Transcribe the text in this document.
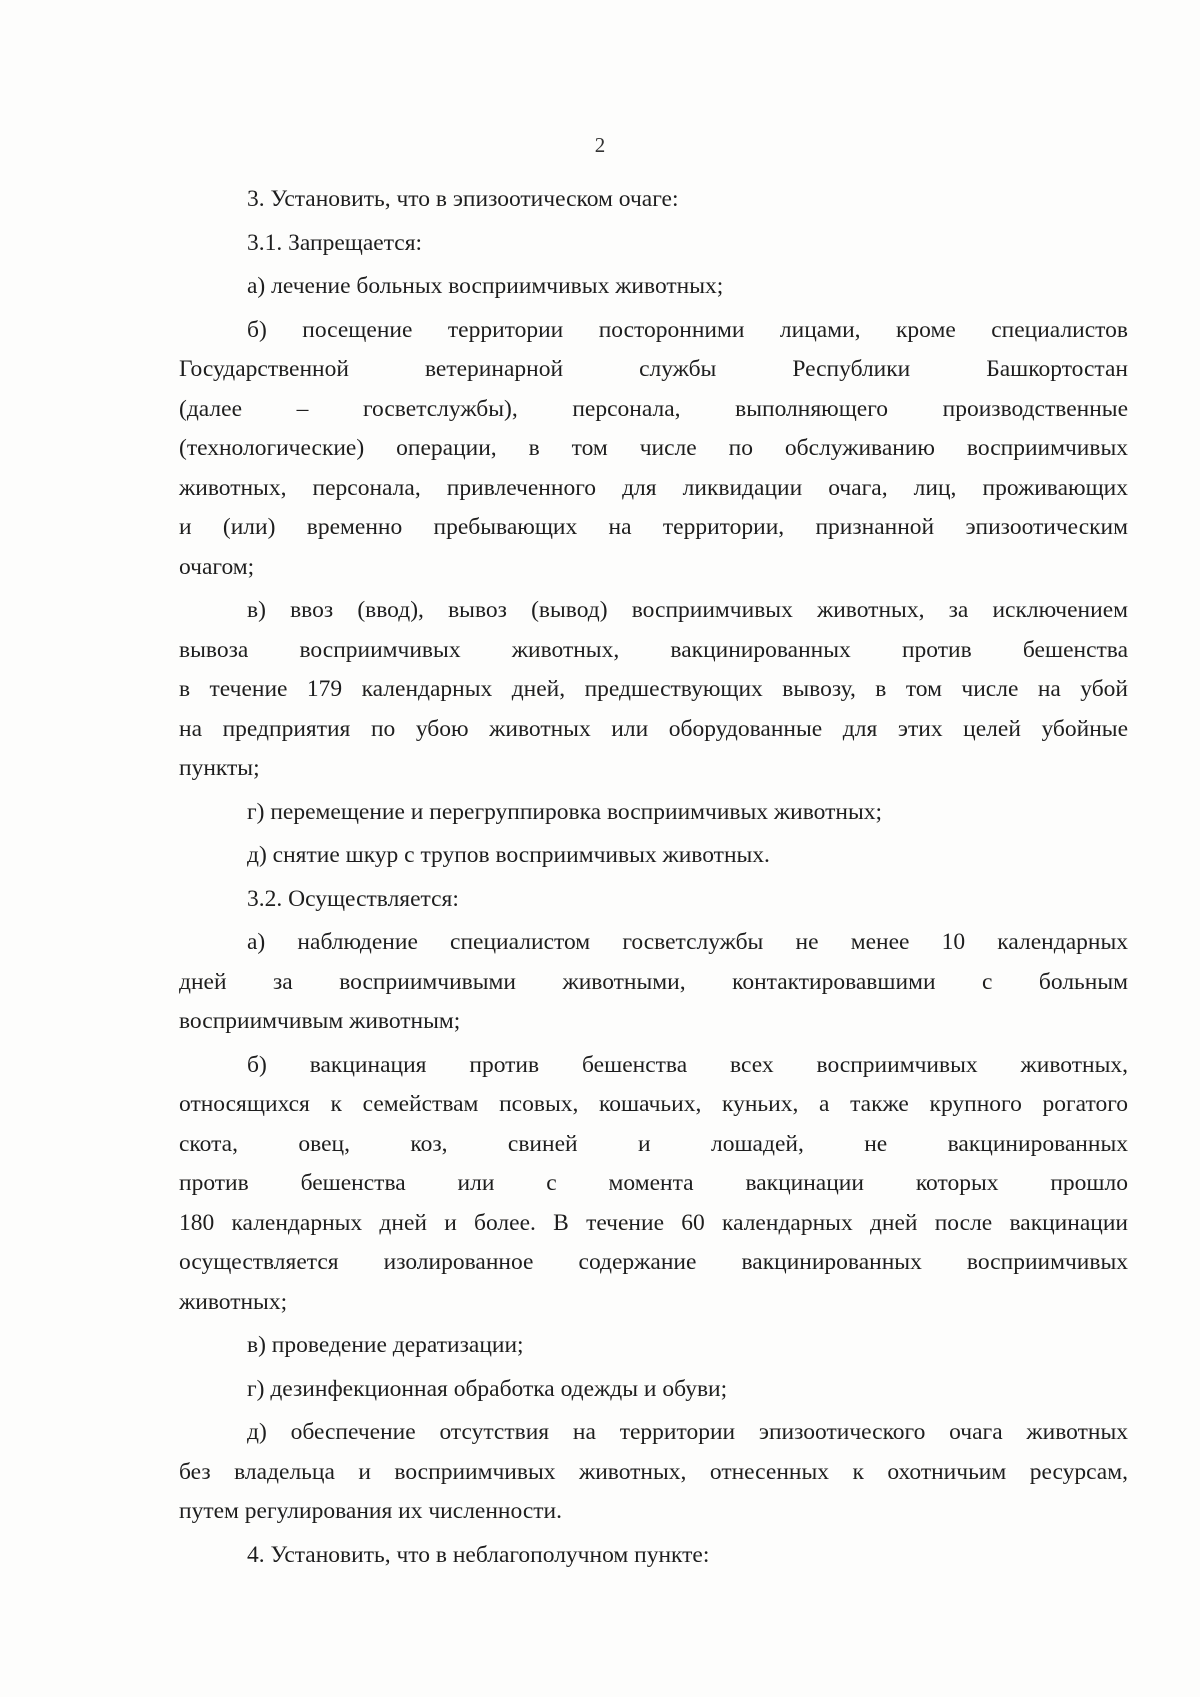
2
3. Установить, что в эпизоотическом очаге:
3.1. Запрещается:
а) лечение больных восприимчивых животных;
б) посещение территории посторонними лицами, кроме специалистов
Государственной ветеринарной службы Республики Башкортостан
(далее – госветслужбы), персонала, выполняющего производственные
(технологические) операции, в том числе по обслуживанию восприимчивых
животных, персонала, привлеченного для ликвидации очага, лиц, проживающих
и (или) временно пребывающих на территории, признанной эпизоотическим
очагом;
в) ввоз (ввод), вывоз (вывод) восприимчивых животных, за исключением
вывоза восприимчивых животных, вакцинированных против бешенства
в течение 179 календарных дней, предшествующих вывозу, в том числе на убой
на предприятия по убою животных или оборудованные для этих целей убойные
пункты;
г) перемещение и перегруппировка восприимчивых животных;
д) снятие шкур с трупов восприимчивых животных.
3.2. Осуществляется:
а) наблюдение специалистом госветслужбы не менее 10 календарных
дней за восприимчивыми животными, контактировавшими с больным
восприимчивым животным;
б) вакцинация против бешенства всех восприимчивых животных,
относящихся к семействам псовых, кошачьих, куньих, а также крупного рогатого
скота, овец, коз, свиней и лошадей, не вакцинированных
против бешенства или с момента вакцинации которых прошло
180 календарных дней и более. В течение 60 календарных дней после вакцинации
осуществляется изолированное содержание вакцинированных восприимчивых
животных;
в) проведение дератизации;
г) дезинфекционная обработка одежды и обуви;
д) обеспечение отсутствия на территории эпизоотического очага животных
без владельца и восприимчивых животных, отнесенных к охотничьим ресурсам,
путем регулирования их численности.
4. Установить, что в неблагополучном пункте:
